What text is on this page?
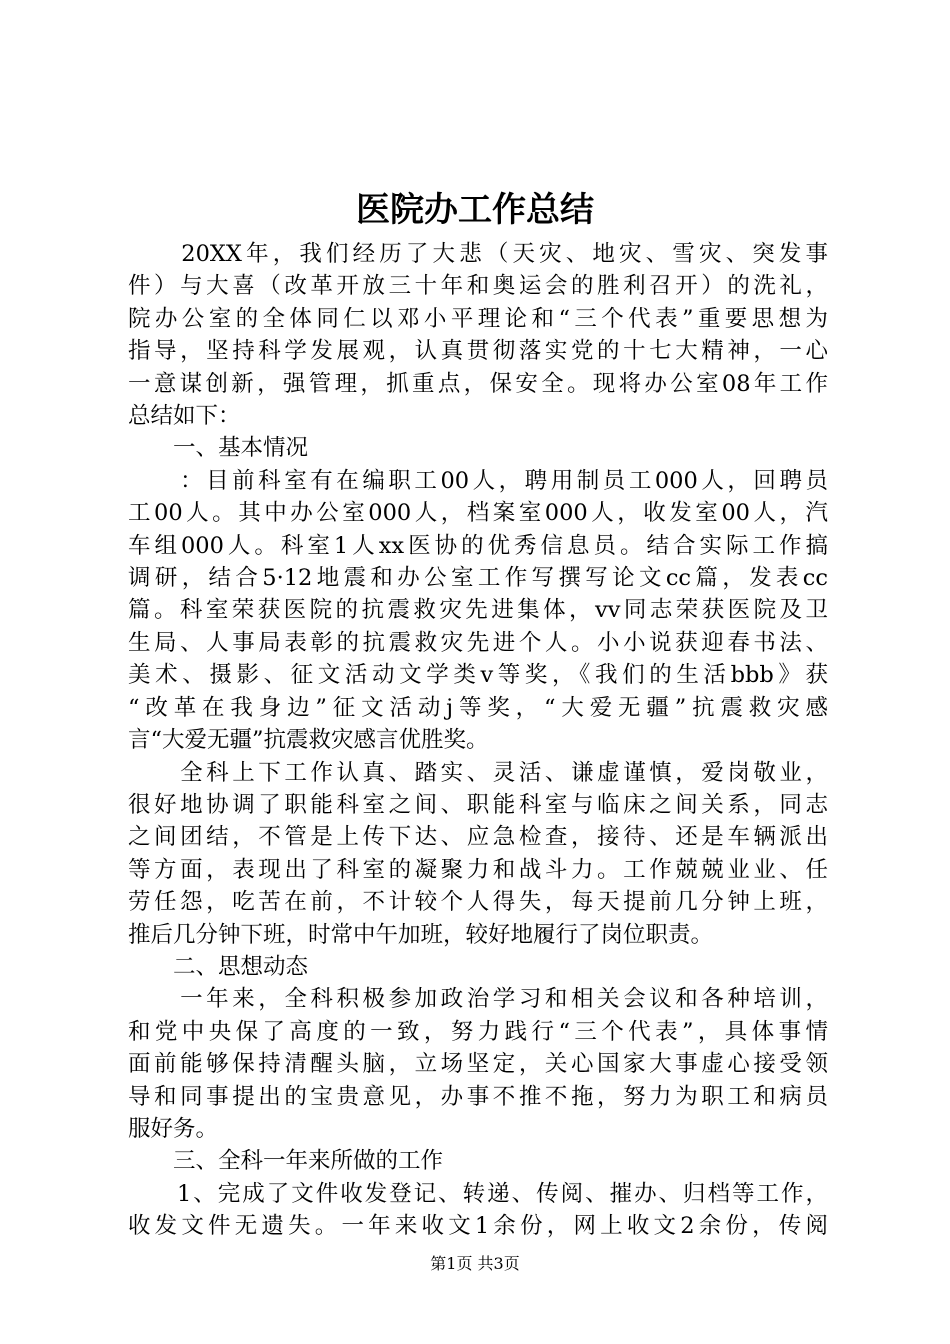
医院办工作总结
　　20XX年，我们经历了大悲（天灾、地灾、雪灾、突发事
件）与大喜（改革开放三十年和奥运会的胜利召开）的洗礼，
院办公室的全体同仁以邓小平理论和“三个代表”重要思想为
指导，坚持科学发展观，认真贯彻落实党的十七大精神，一心
一意谋创新，强管理，抓重点，保安全。现将办公室08年工作
总结如下：
　　一、基本情况
　　：目前科室有在编职工00人，聘用制员工000人，回聘员
工00人。其中办公室000人，档案室000人，收发室00人，汽
车组000人。科室1人xx医协的优秀信息员。结合实际工作搞
调研，结合5·12地震和办公室工作写撰写论文cc篇，发表cc
篇。科室荣获医院的抗震救灾先进集体，vv同志荣获医院及卫
生局、人事局表彰的抗震救灾先进个人。小小说获迎春书法、
美术、摄影、征文活动文学类v等奖，《我们的生活bbb》获
“改革在我身边”征文活动j等奖，“大爱无疆”抗震救灾感
言“大爱无疆”抗震救灾感言优胜奖。
　　全科上下工作认真、踏实、灵活、谦虚谨慎，爱岗敬业，
很好地协调了职能科室之间、职能科室与临床之间关系，同志
之间团结，不管是上传下达、应急检查，接待、还是车辆派出
等方面，表现出了科室的凝聚力和战斗力。工作兢兢业业、任
劳任怨，吃苦在前，不计较个人得失，每天提前几分钟上班，
推后几分钟下班，时常中午加班，较好地履行了岗位职责。
　　二、思想动态
　　一年来，全科积极参加政治学习和相关会议和各种培训，
和党中央保了高度的一致，努力践行“三个代表”，具体事情
面前能够保持清醒头脑，立场坚定，关心国家大事虚心接受领
导和同事提出的宝贵意见，办事不推不拖，努力为职工和病员
服好务。
　　三、全科一年来所做的工作
　　1、完成了文件收发登记、转递、传阅、摧办、归档等工作，
收发文件无遗失。一年来收文1余份，网上收文2余份，传阅
第1页 共3页
